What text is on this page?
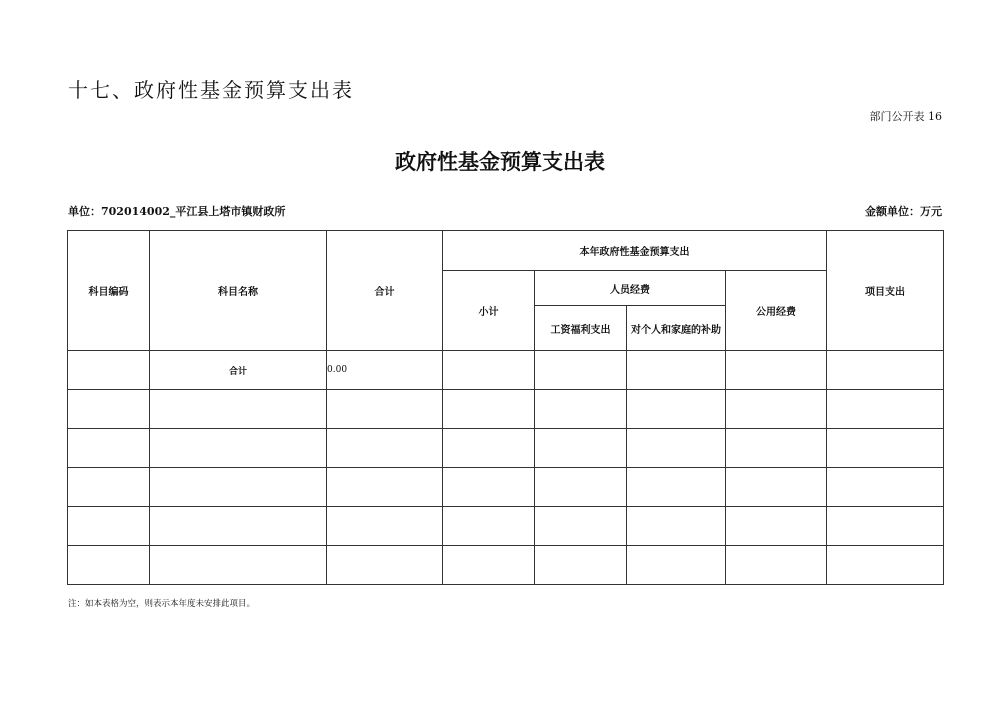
十七、政府性基金预算支出表
部门公开表 16
政府性基金预算支出表
单位：702014002_平江县上塔市镇财政所	金额单位：万元
科目编码	科目名称	合计	本年政府性基金预算支出				项目支出
			小计	人员经费		公用经费	
				工资福利支出	对个人和家庭的补助		
	合计	0.00					

注：如本表格为空，则表示本年度未安排此项目。
